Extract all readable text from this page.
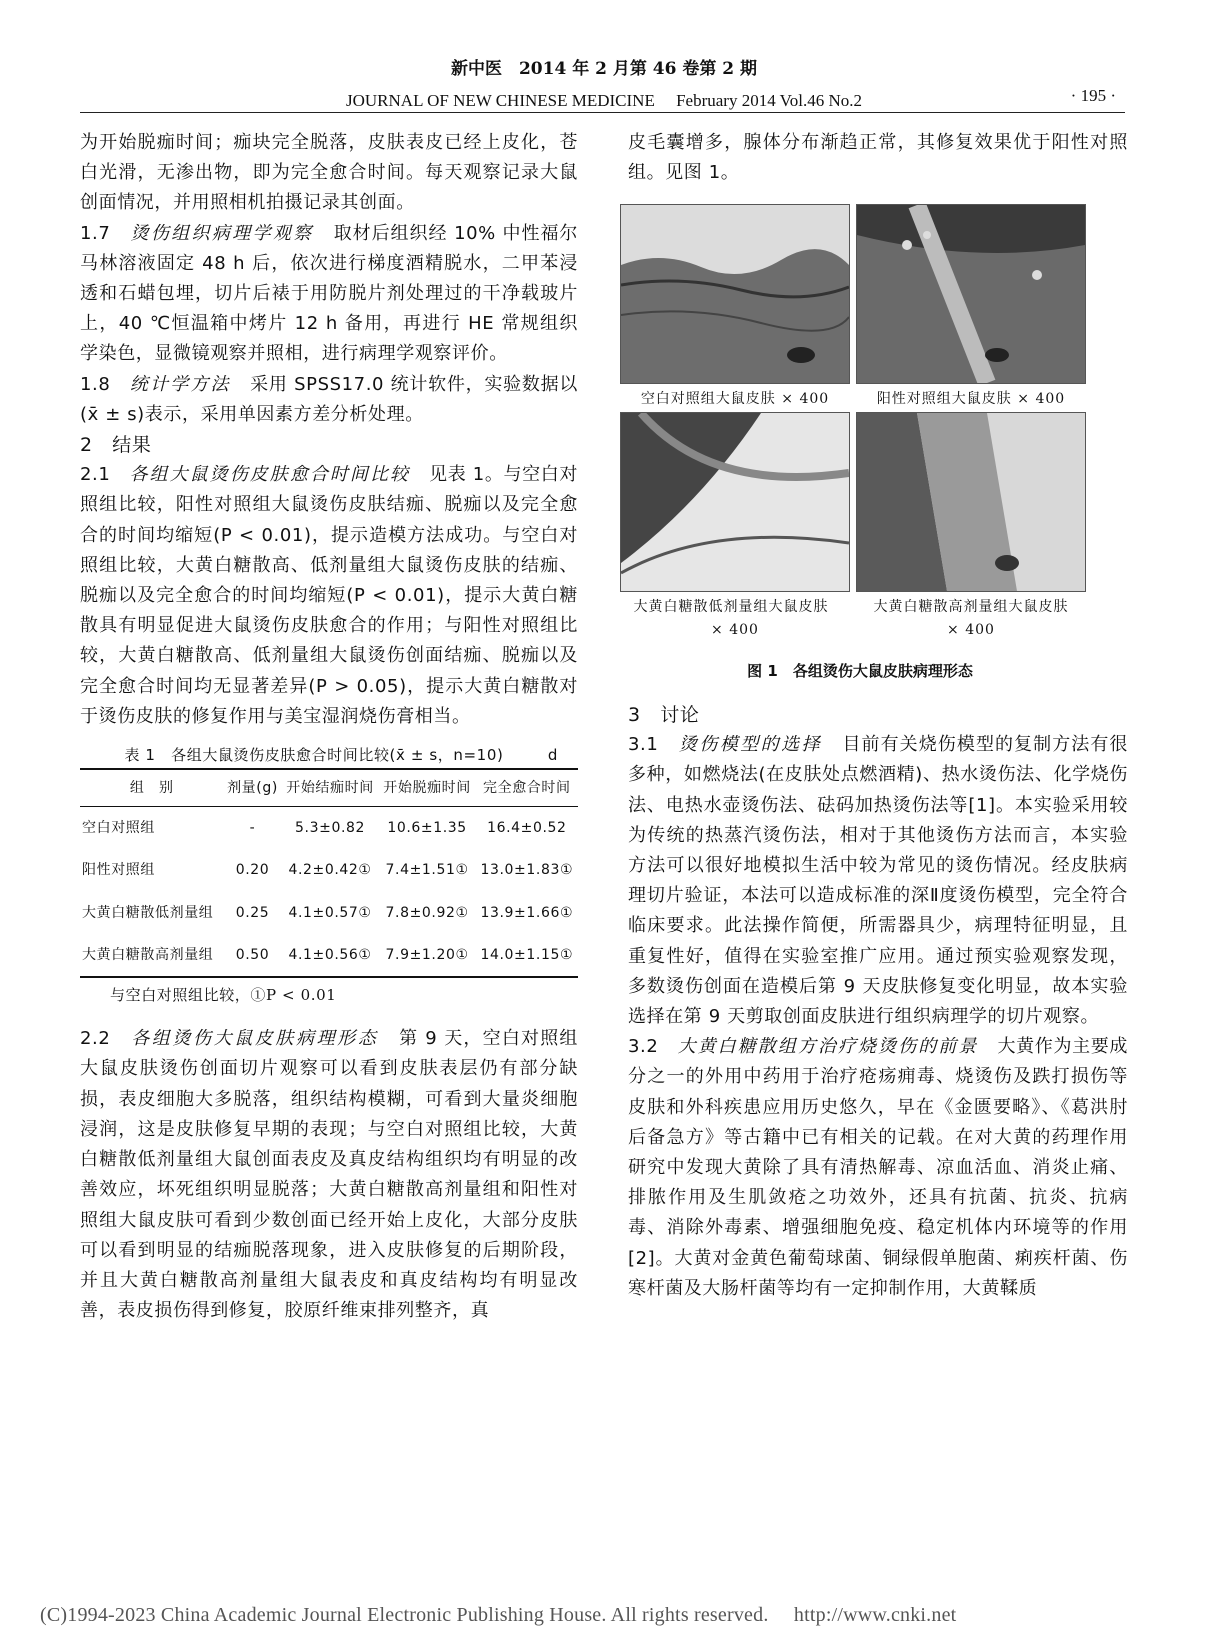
新中医　2014 年 2 月第 46 卷第 2 期
JOURNAL OF NEW CHINESE MEDICINE　 February 2014 Vol.46 No.2	· 195 ·

为开始脱痂时间；痂块完全脱落，皮肤表皮已经上皮化，苍白光滑，无渗出物，即为完全愈合时间。每天观察记录大鼠创面情况，并用照相机拍摄记录其创面。

1.7 烫伤组织病理学观察 取材后组织经 10% 中性福尔马林溶液固定 48 h 后，依次进行梯度酒精脱水，二甲苯浸透和石蜡包埋，切片后裱于用防脱片剂处理过的干净载玻片上，40 ℃恒温箱中烤片 12 h 备用，再进行 HE 常规组织学染色，显微镜观察并照相，进行病理学观察评价。

1.8 统计学方法 采用 SPSS17.0 统计软件，实验数据以(x̄ ± s)表示，采用单因素方差分析处理。

2　结果

2.1 各组大鼠烫伤皮肤愈合时间比较 见表 1。与空白对照组比较，阳性对照组大鼠烫伤皮肤结痂、脱痂以及完全愈合的时间均缩短(P < 0.01)，提示造模方法成功。与空白对照组比较，大黄白糖散高、低剂量组大鼠烫伤皮肤的结痂、脱痂以及完全愈合的时间均缩短(P < 0.01)，提示大黄白糖散具有明显促进大鼠烫伤皮肤愈合的作用；与阳性对照组比较，大黄白糖散高、低剂量组大鼠烫伤创面结痂、脱痂以及完全愈合时间均无显著差异(P > 0.05)，提示大黄白糖散对于烫伤皮肤的修复作用与美宝湿润烧伤膏相当。

表 1　各组大鼠烫伤皮肤愈合时间比较(x̄ ± s，n=10)	d
组　别	剂量(g)	开始结痂时间	开始脱痂时间	完全愈合时间
空白对照组	-	5.3±0.82	10.6±1.35	16.4±0.52
阳性对照组	0.20	4.2±0.42①	7.4±1.51①	13.0±1.83①
大黄白糖散低剂量组	0.25	4.1±0.57①	7.8±0.92①	13.9±1.66①
大黄白糖散高剂量组	0.50	4.1±0.56①	7.9±1.20①	14.0±1.15①
与空白对照组比较，①P < 0.01

2.2 各组烫伤大鼠皮肤病理形态 第 9 天，空白对照组大鼠皮肤烫伤创面切片观察可以看到皮肤表层仍有部分缺损，表皮细胞大多脱落，组织结构模糊，可看到大量炎细胞浸润，这是皮肤修复早期的表现；与空白对照组比较，大黄白糖散低剂量组大鼠创面表皮及真皮结构组织均有明显的改善效应，坏死组织明显脱落；大黄白糖散高剂量组和阳性对照组大鼠皮肤可看到少数创面已经开始上皮化，大部分皮肤可以看到明显的结痂脱落现象，进入皮肤修复的后期阶段，并且大黄白糖散高剂量组大鼠表皮和真皮结构均有明显改善，表皮损伤得到修复，胶原纤维束排列整齐，真

皮毛囊增多，腺体分布渐趋正常，其修复效果优于阳性对照组。见图 1。

空白对照组大鼠皮肤 × 400	阳性对照组大鼠皮肤 × 400
大黄白糖散低剂量组大鼠皮肤
× 400
大黄白糖散高剂量组大鼠皮肤
× 400
图 1　各组烫伤大鼠皮肤病理形态

3　讨论

3.1 烫伤模型的选择 目前有关烧伤模型的复制方法有很多种，如燃烧法(在皮肤处点燃酒精)、热水烫伤法、化学烧伤法、电热水壶烫伤法、砝码加热烫伤法等[1]。本实验采用较为传统的热蒸汽烫伤法，相对于其他烫伤方法而言，本实验方法可以很好地模拟生活中较为常见的烫伤情况。经皮肤病理切片验证，本法可以造成标准的深Ⅱ度烫伤模型，完全符合临床要求。此法操作简便，所需器具少，病理特征明显，且重复性好，值得在实验室推广应用。通过预实验观察发现，多数烫伤创面在造模后第 9 天皮肤修复变化明显，故本实验选择在第 9 天剪取创面皮肤进行组织病理学的切片观察。

3.2 大黄白糖散组方治疗烧烫伤的前景 大黄作为主要成分之一的外用中药用于治疗疮疡痈毒、烧烫伤及跌打损伤等皮肤和外科疾患应用历史悠久，早在《金匮要略》、《葛洪肘后备急方》等古籍中已有相关的记载。在对大黄的药理作用研究中发现大黄除了具有清热解毒、凉血活血、消炎止痛、排脓作用及生肌敛疮之功效外，还具有抗菌、抗炎、抗病毒、消除外毒素、增强细胞免疫、稳定机体内环境等的作用[2]。大黄对金黄色葡萄球菌、铜绿假单胞菌、痢疾杆菌、伤寒杆菌及大肠杆菌等均有一定抑制作用，大黄鞣质

(C)1994-2023 China Academic Journal Electronic Publishing House. All rights reserved.　 http://www.cnki.net
